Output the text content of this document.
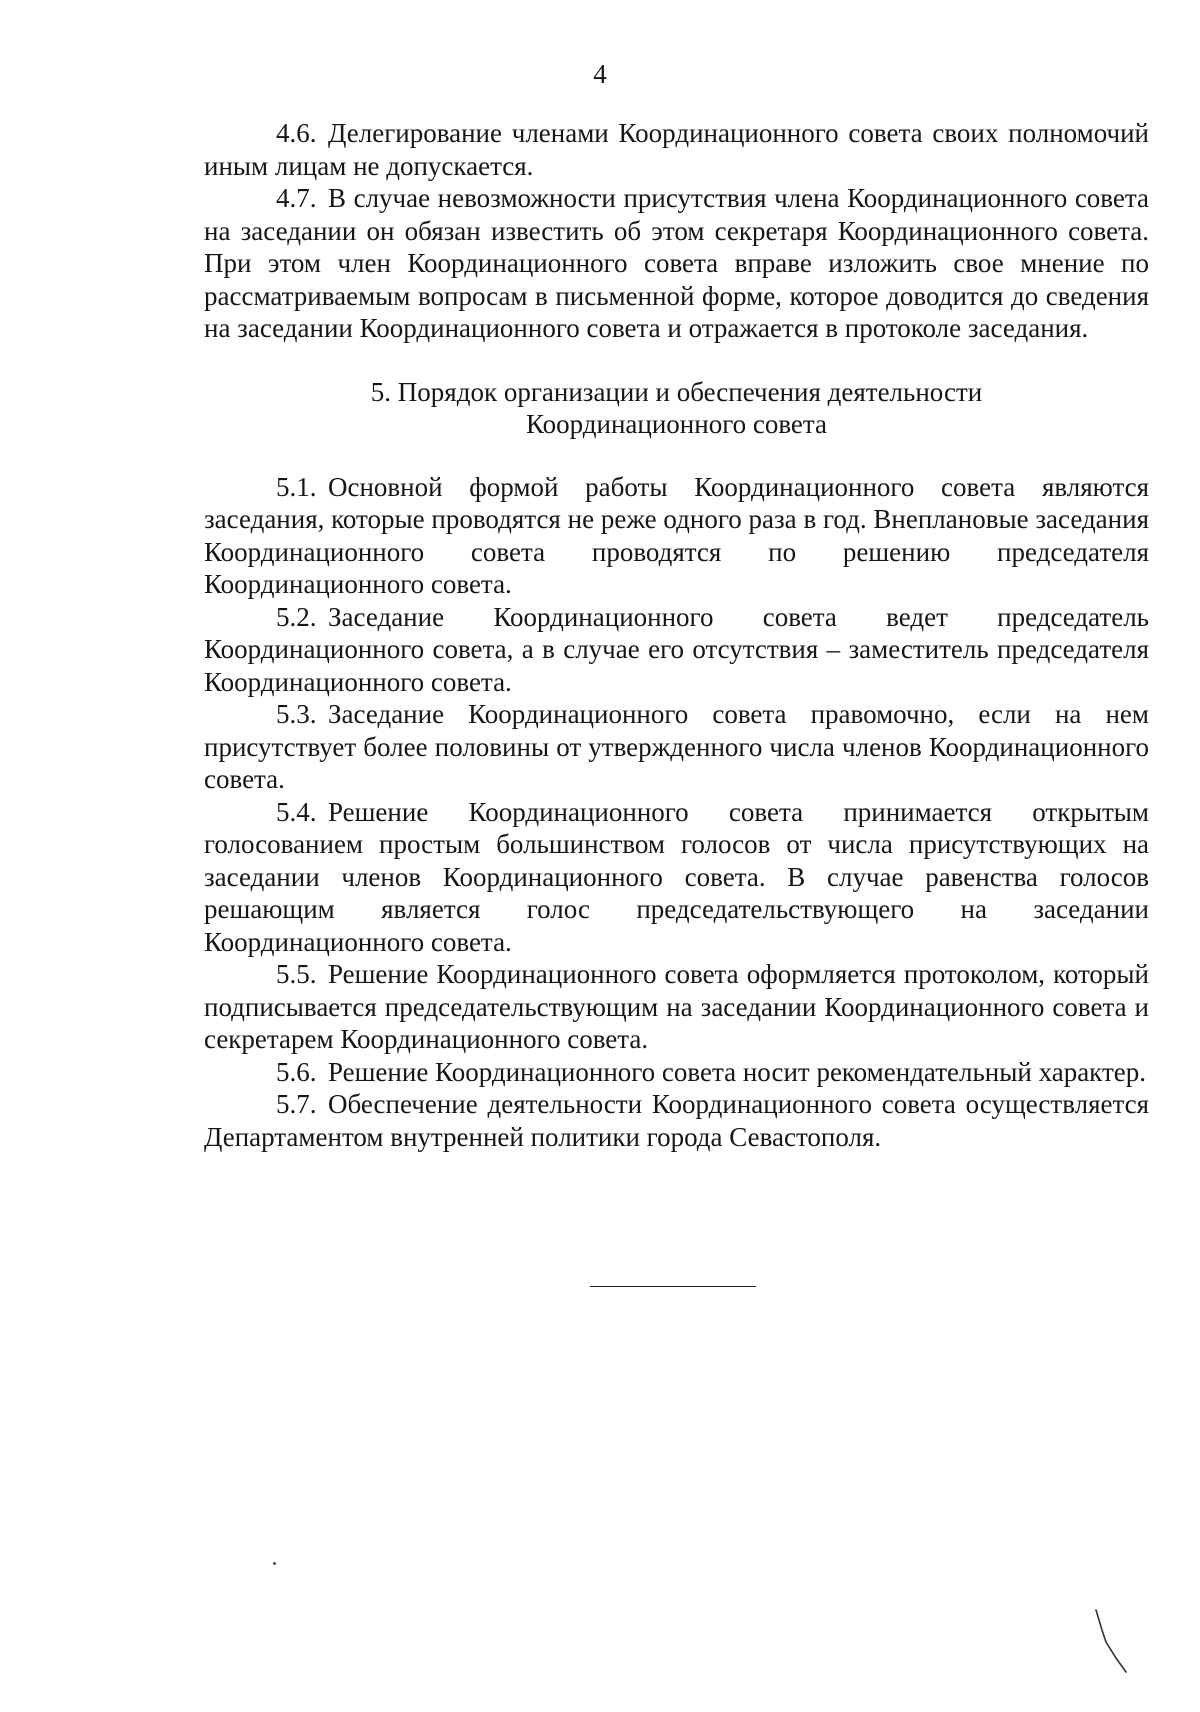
4

4.6. Делегирование членами Координационного совета своих полномочий иным лицам не допускается.

4.7. В случае невозможности присутствия члена Координационного совета на заседании он обязан известить об этом секретаря Координационного совета. При этом член Координационного совета вправе изложить свое мнение по рассматриваемым вопросам в письменной форме, которое доводится до сведения на заседании Координационного совета и отражается в протоколе заседания.

5. Порядок организации и обеспечения деятельности
Координационного совета

5.1. Основной формой работы Координационного совета являются заседания, которые проводятся не реже одного раза в год. Внеплановые заседания Координационного совета проводятся по решению председателя Координационного совета.

5.2. Заседание Координационного совета ведет председатель Координационного совета, а в случае его отсутствия – заместитель председателя Координационного совета.

5.3. Заседание Координационного совета правомочно, если на нем присутствует более половины от утвержденного числа членов Координационного совета.

5.4. Решение Координационного совета принимается открытым голосованием простым большинством голосов от числа присутствующих на заседании членов Координационного совета. В случае равенства голосов решающим является голос председательствующего на заседании Координационного совета.

5.5. Решение Координационного совета оформляется протоколом, который подписывается председательствующим на заседании Координационного совета и секретарем Координационного совета.

5.6. Решение Координационного совета носит рекомендательный характер.

5.7. Обеспечение деятельности Координационного совета осуществляется Департаментом внутренней политики города Севастополя.
